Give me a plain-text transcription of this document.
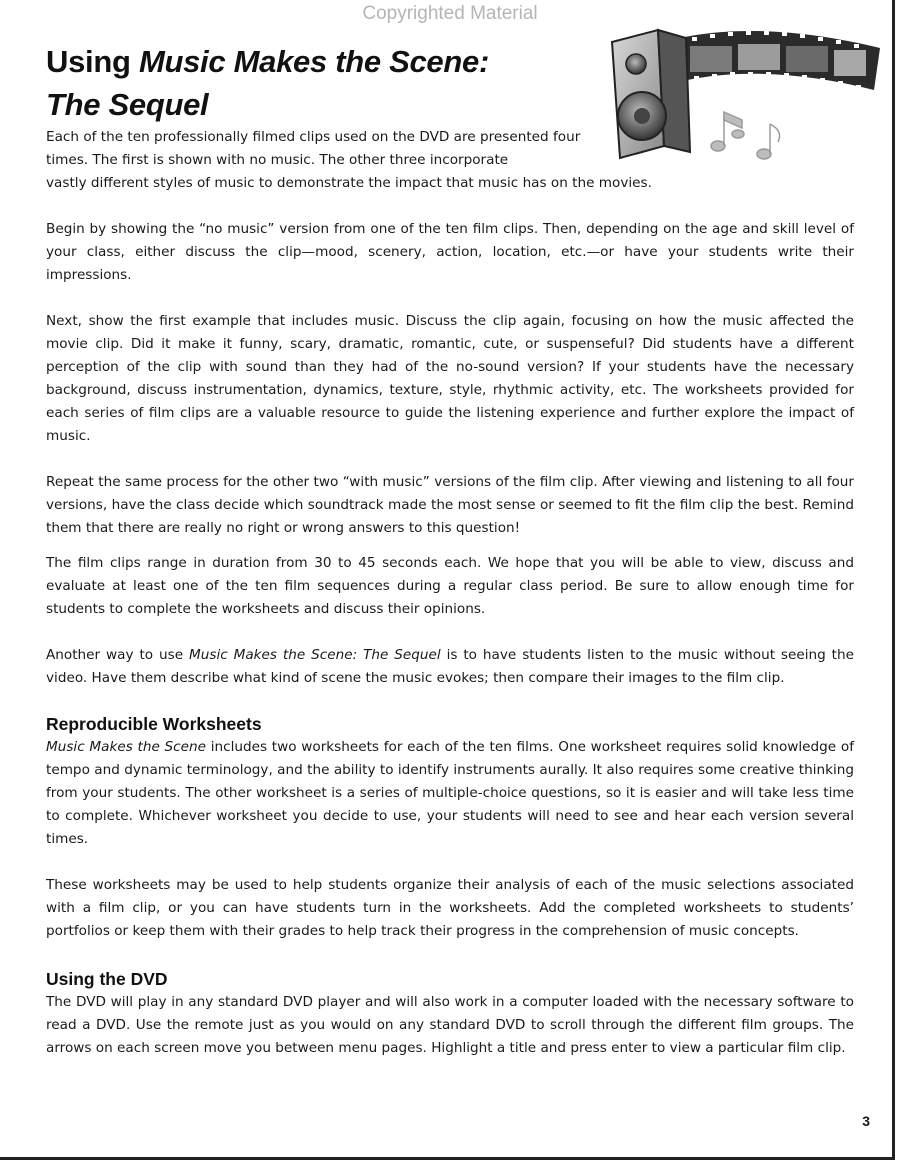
Copyrighted Material
Using Music Makes the Scene:
The Sequel

Each of the ten professionally filmed clips used on the DVD are presented four times. The first is shown with no music. The other three incorporate

vastly different styles of music to demonstrate the impact that music has on the movies.

Begin by showing the “no music” version from one of the ten film clips. Then, depending on the age and skill level of your class, either discuss the clip—mood, scenery, action, location, etc.—or have your students write their impressions.

Next, show the first example that includes music. Discuss the clip again, focusing on how the music affected the movie clip. Did it make it funny, scary, dramatic, romantic, cute, or suspenseful? Did students have a different perception of the clip with sound than they had of the no-sound version? If your students have the necessary background, discuss instrumentation, dynamics, texture, style, rhythmic activity, etc. The worksheets provided for each series of film clips are a valuable resource to guide the listening experience and further explore the impact of music.

Repeat the same process for the other two “with music” versions of the film clip. After viewing and listening to all four versions, have the class decide which soundtrack made the most sense or seemed to fit the film clip the best. Remind them that there are really no right or wrong answers to this question!

The film clips range in duration from 30 to 45 seconds each. We hope that you will be able to view, discuss and evaluate at least one of the ten film sequences during a regular class period. Be sure to allow enough time for students to complete the worksheets and discuss their opinions.

Another way to use Music Makes the Scene: The Sequel is to have students listen to the music without seeing the video. Have them describe what kind of scene the music evokes; then compare their images to the film clip.

Reproducible Worksheets

Music Makes the Scene includes two worksheets for each of the ten films. One worksheet requires solid knowledge of tempo and dynamic terminology, and the ability to identify instruments aurally. It also requires some creative thinking from your students. The other worksheet is a series of multiple-choice questions, so it is easier and will take less time to complete. Whichever worksheet you decide to use, your students will need to see and hear each version several times.

These worksheets may be used to help students organize their analysis of each of the music selections associated with a film clip, or you can have students turn in the worksheets. Add the completed worksheets to students’ portfolios or keep them with their grades to help track their progress in the comprehension of music concepts.

Using the DVD

The DVD will play in any standard DVD player and will also work in a computer loaded with the necessary software to read a DVD. Use the remote just as you would on any standard DVD to scroll through the different film groups. The arrows on each screen move you between menu pages. Highlight a title and press enter to view a particular film clip.

3
